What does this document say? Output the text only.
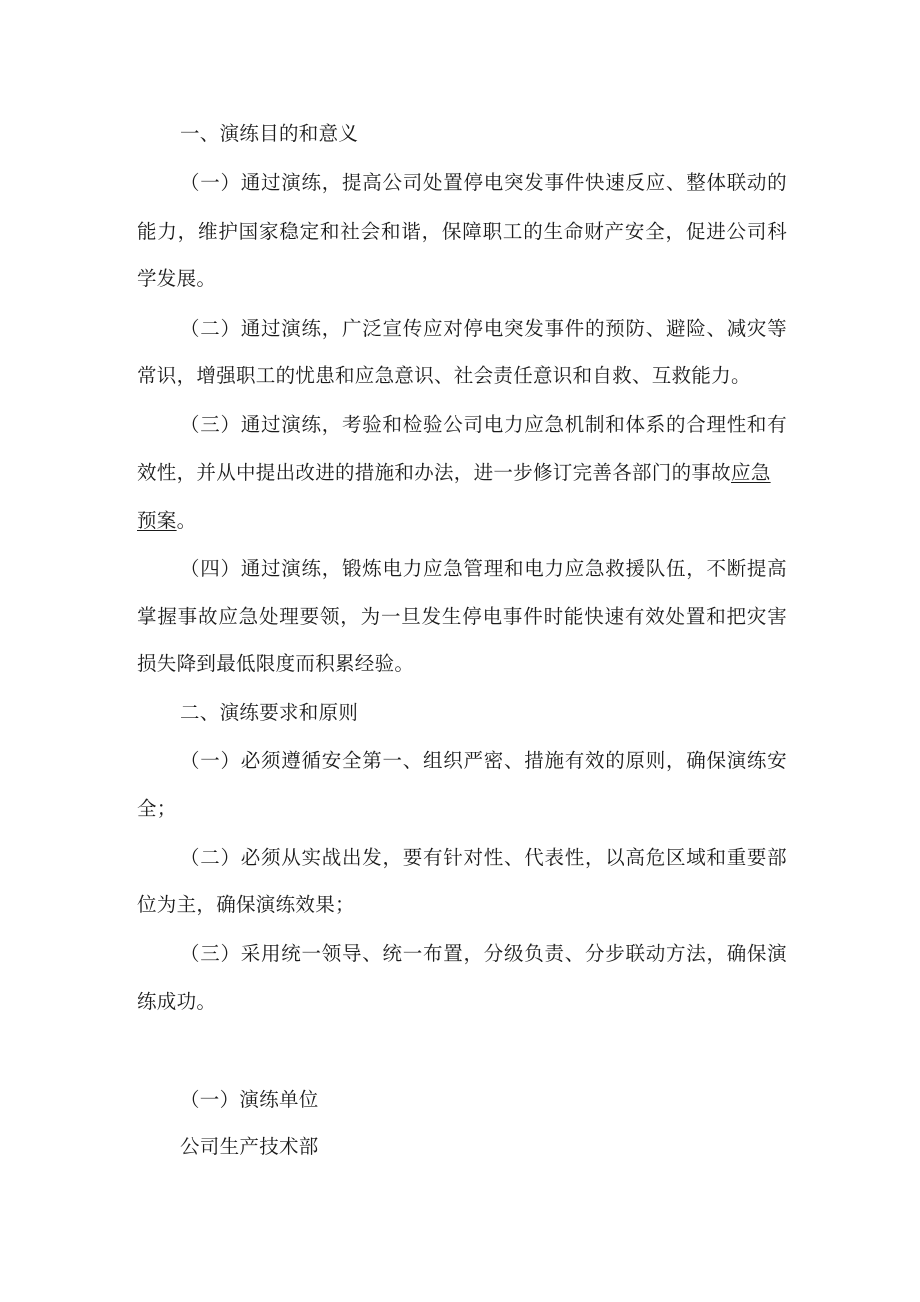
一、演练目的和意义
（一）通过演练，提高公司处置停电突发事件快速反应、整体联动的
能力，维护国家稳定和社会和谐，保障职工的生命财产安全，促进公司科
学发展。
（二）通过演练，广泛宣传应对停电突发事件的预防、避险、减灾等
常识，增强职工的忧患和应急意识、社会责任意识和自救、互救能力。
（三）通过演练，考验和检验公司电力应急机制和体系的合理性和有
效性，并从中提出改进的措施和办法，进一步修订完善各部门的事故应急
预案。
（四）通过演练，锻炼电力应急管理和电力应急救援队伍，不断提高
掌握事故应急处理要领，为一旦发生停电事件时能快速有效处置和把灾害
损失降到最低限度而积累经验。
二、演练要求和原则
（一）必须遵循安全第一、组织严密、措施有效的原则，确保演练安
全；
（二）必须从实战出发，要有针对性、代表性，以高危区域和重要部
位为主，确保演练效果；
（三）采用统一领导、统一布置，分级负责、分步联动方法，确保演
练成功。
（一）演练单位
公司生产技术部
